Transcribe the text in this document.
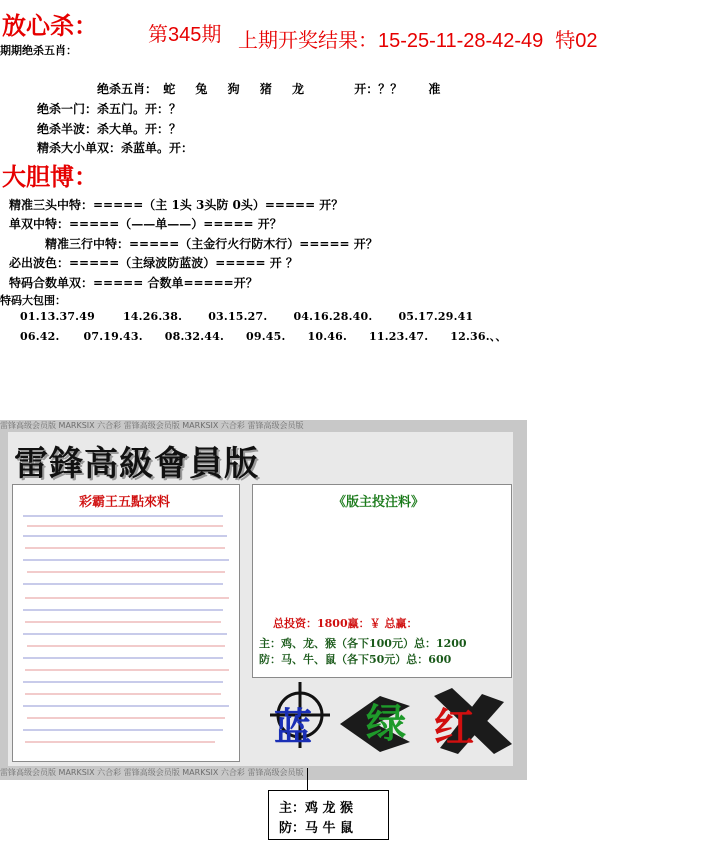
放心杀：	第345期 上期开奖结果：15-25-11-28-42-49 特02
期期绝杀五肖：
绝杀五肖： 蛇 兔 狗 猪 龙	开：？？ 准
绝杀一门：杀五门。开：？
绝杀半波：杀大单。开：？
精杀大小单双：杀蓝单。开：
大胆博：
精准三头中特：=====（主 1头 3头防 0头）===== 开？
单双中特：=====（——单——）===== 开？
精准三行中特：=====（主金行火行防木行）===== 开？
必出波色：=====（主绿波防蓝波）===== 开 ？
特码合数单双：===== 合数单=====开？
特码大包围：
01.13.37.49	14.26.38. 03.15.27. 04.16.28.40. 05.17.29.41
06.42. 07.19.43. 08.32.44. 09.45. 10.46. 11.23.47. 12.36.、、
雷锋高级会员版 MARKSIX 六合彩 雷锋高级会员版 MARKSIX 六合彩 雷锋高级会员版
雷锋高级会员版 MARKSIX 六合彩 雷锋高级会员版 MARKSIX 六合彩 雷锋高级会员版
雷鋒高級會員版
彩霸王五點來料	《版主投注料》
总投资：1800蠃：￥ 总赢：
主：鸡、龙、猴（各下100元）总：1200
防：马、牛、鼠（各下50元）总：600
蓝 绿 红
主：鸡 龙 猴
防：马 牛 鼠
